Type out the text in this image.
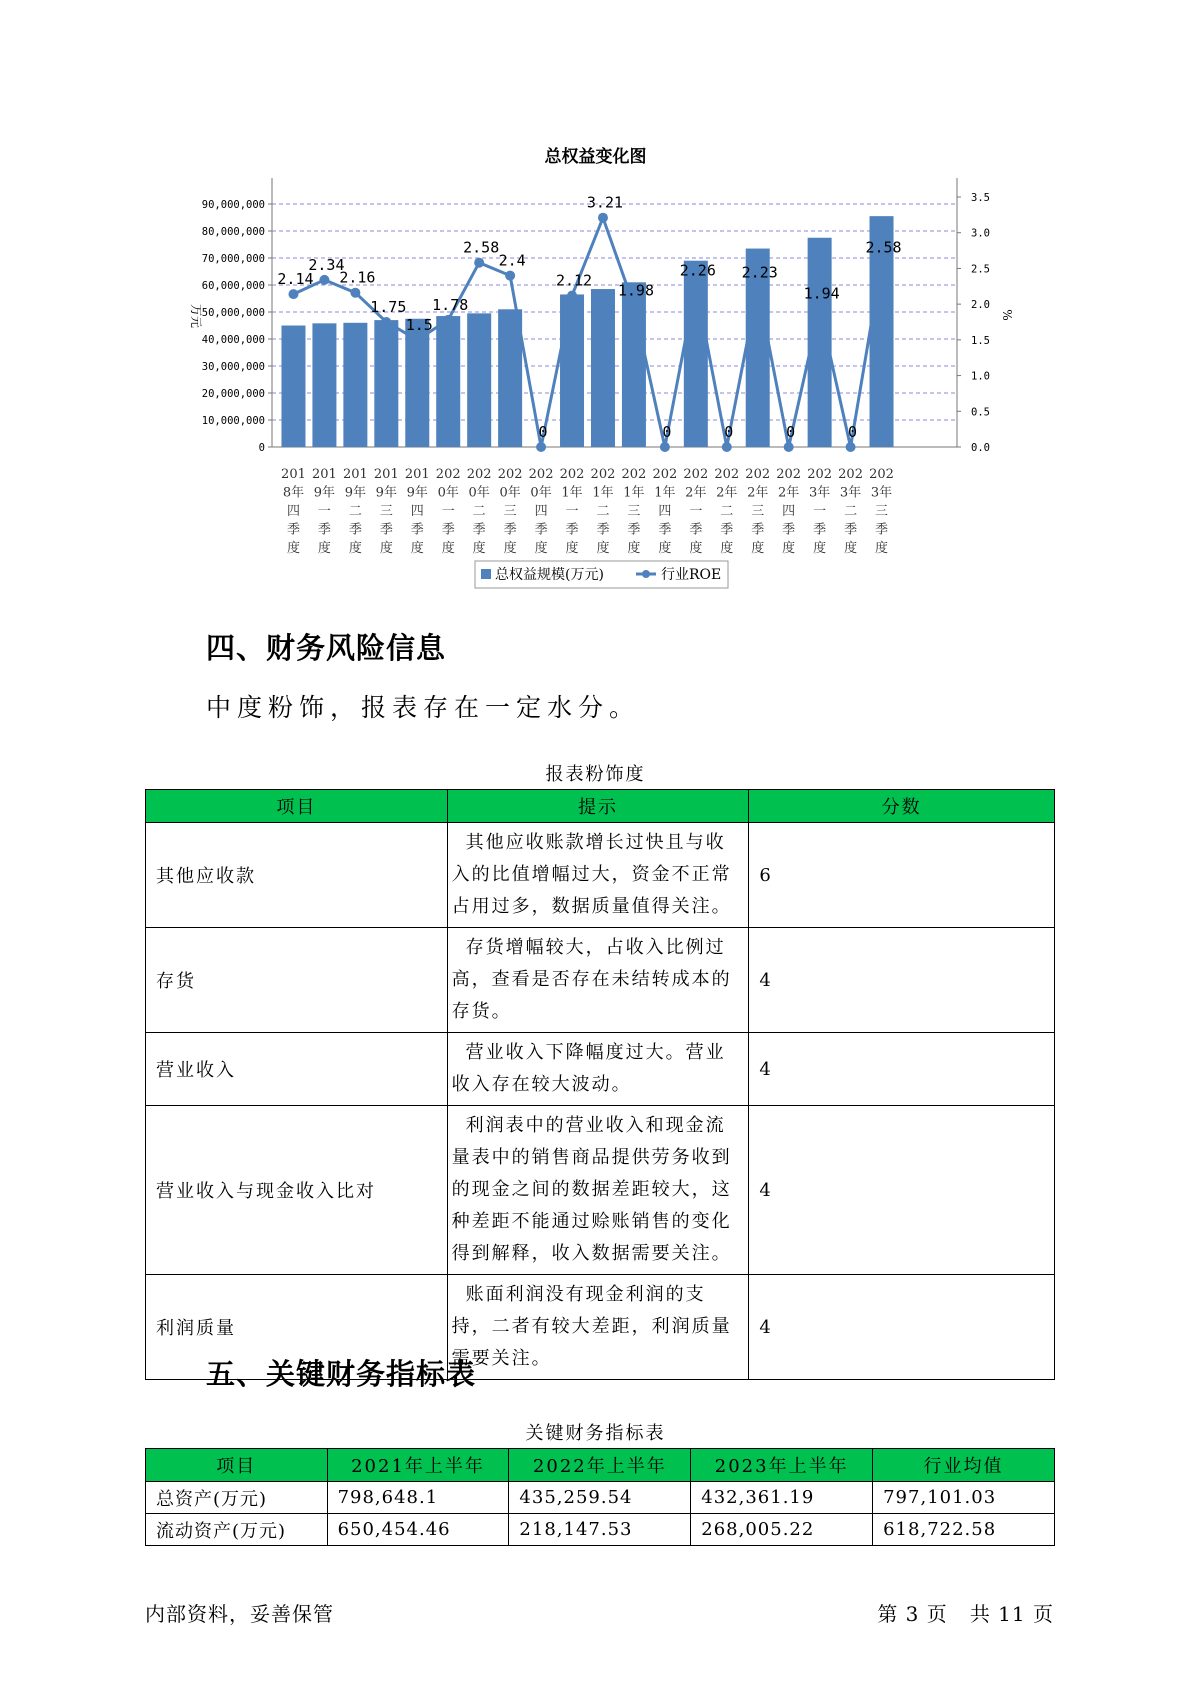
总权益变化图
0
10,000,000
20,000,000
30,000,000
40,000,000
50,000,000
60,000,000
70,000,000
80,000,000
90,000,000
0.0
0.5
1.0
1.5
2.0
2.5
3.0
3.5
万元	%
2.14
2.34
2.16
1.75
1.5
1.78
2.58
2.4
0
2.12
3.21
1.98
0
2.26
0
2.23
0
1.94
0
2.58
201
8年
四
季
度
201
9年
一
季
度
201
9年
二
季
度
201
9年
三
季
度
201
9年
四
季
度
202
0年
一
季
度
202
0年
二
季
度
202
0年
三
季
度
202
0年
四
季
度
202
1年
一
季
度
202
1年
二
季
度
202
1年
三
季
度
202
1年
四
季
度
202
2年
一
季
度
202
2年
二
季
度
202
2年
三
季
度
202
2年
四
季
度
202
3年
一
季
度
202
3年
二
季
度
202
3年
三
季
度
总权益规模(万元)	行业ROE
四、财务风险信息
中度粉饰，报表存在一定水分。
报表粉饰度
项目	提示	分数
其他应收款	其他应收账款增长过快且与收入的比值增幅过大，资金不正常占用过多，数据质量值得关注。	6
存货	存货增幅较大，占收入比例过高，查看是否存在未结转成本的存货。	4
营业收入	营业收入下降幅度过大。营业收入存在较大波动。	4
营业收入与现金收入比对	利润表中的营业收入和现金流量表中的销售商品提供劳务收到的现金之间的数据差距较大，这种差距不能通过赊账销售的变化得到解释，收入数据需要关注。	4
利润质量	账面利润没有现金利润的支持，二者有较大差距，利润质量需要关注。	4
五、关键财务指标表
关键财务指标表
项目	2021年上半年	2022年上半年	2023年上半年	行业均值
总资产(万元)	798,648.1	435,259.54	432,361.19	797,101.03
流动资产(万元)	650,454.46	218,147.53	268,005.22	618,722.58
内部资料，妥善保管	第 3 页   共 11 页
